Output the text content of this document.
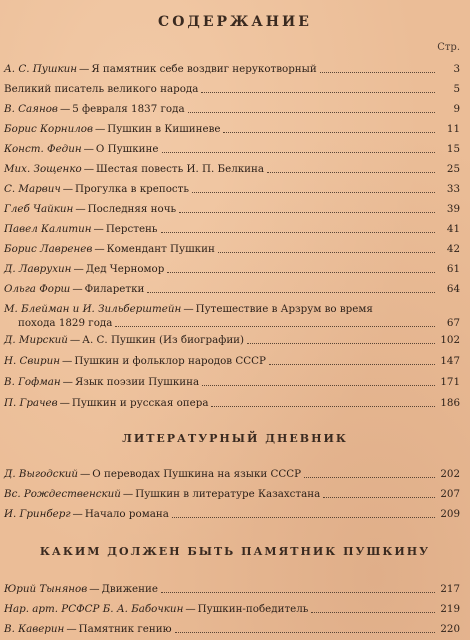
СОДЕРЖАНИЕ
Стр.
А. С. Пушкин — Я памятник себе воздвиг нерукотворный	3
Великий писатель великого народа	5
В. Саянов — 5 февраля 1837 года	9
Борис Корнилов — Пушкин в Кишиневе	11
Конст. Федин — О Пушкине	15
Мих. Зощенко — Шестая повесть И. П. Белкина	25
С. Марвич — Прогулка в крепость	33
Глеб Чайкин — Последняя ночь	39
Павел Калитин — Перстень	41
Борис Лавренев — Комендант Пушкин	42
Д. Лаврухин — Дед Черномор	61
Ольга Форш — Филаретки	64
М. Блейман и И. Зильберштейн — Путешествие в Арзрум во время
похода 1829 года	67
Д. Мирский — А. С. Пушкин (Из биографии)	102
Н. Свирин — Пушкин и фольклор народов СССР	147
В. Гофман — Язык поэзии Пушкина	171
П. Грачев — Пушкин и русская опера	186
ЛИТЕРАТУРНЫЙ ДНЕВНИК
Д. Выгодский — О переводах Пушкина на языки СССР	202
Вс. Рождественский — Пушкин в литературе Казахстана	207
И. Гринберг — Начало романа	209
КАКИМ ДОЛЖЕН БЫТЬ ПАМЯТНИК ПУШКИНУ
Юрий Тынянов — Движение	217
Нар. арт. РСФСР Б. А. Бабочкин — Пушкин-победитель	219
В. Каверин — Памятник гению	220
